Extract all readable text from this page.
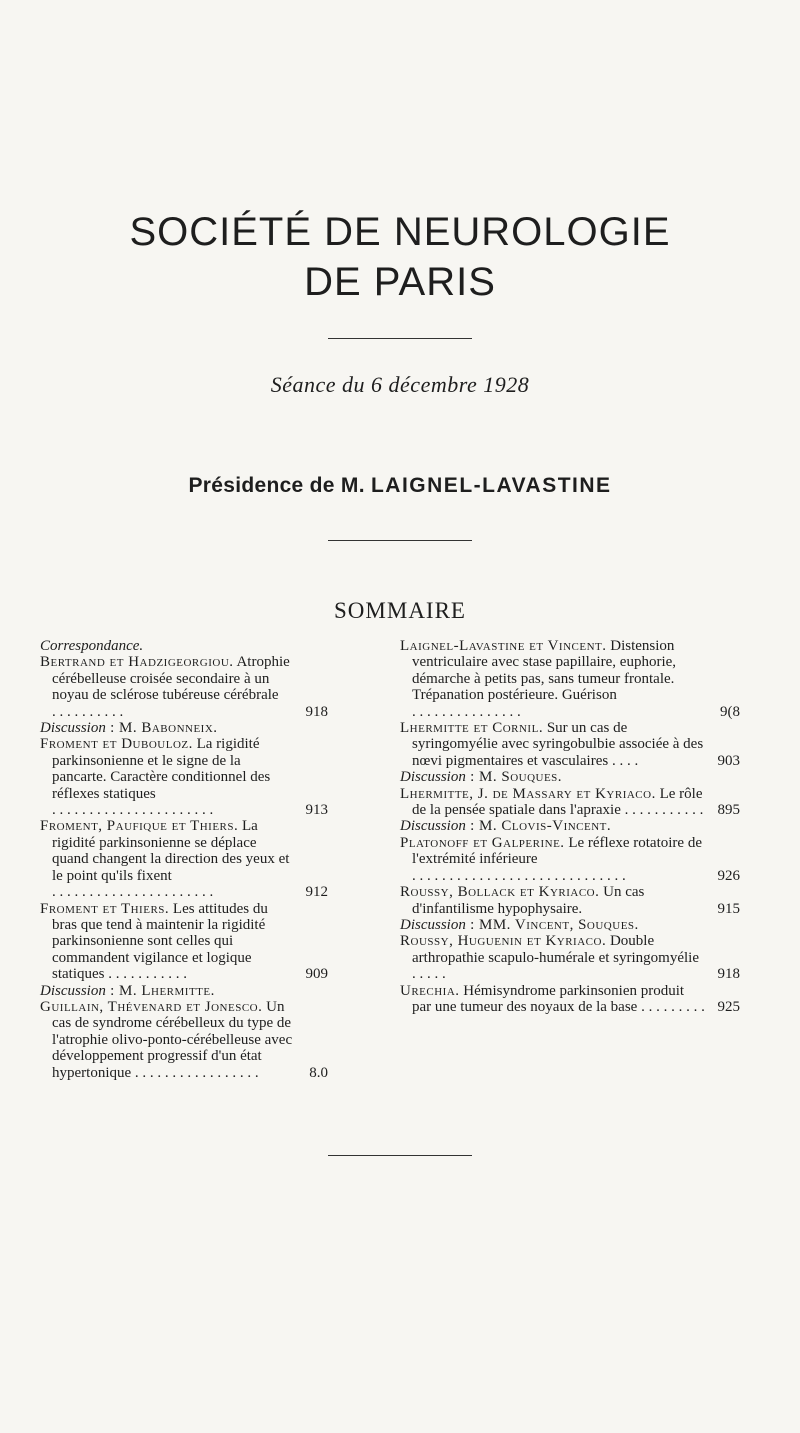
SOCIÉTÉ DE NEUROLOGIE
DE PARIS
Séance du 6 décembre 1928
Présidence de M. LAIGNEL-LAVASTINE
SOMMAIRE
Correspondance.
Bertrand et Hadzigeorgiou. Atrophie cérébelleuse croisée secondaire à un noyau de sclérose tubéreuse cérébrale . . . . . . . . . .	918
Discussion : M. Babonneix.
Froment et Dubouloz. La rigidité parkinsonienne et le signe de la pancarte. Caractère conditionnel des réflexes statiques . . . . . . . . . . . . . . . . . . . . . .	913
Froment, Paufique et Thiers. La rigidité parkinsonienne se déplace quand changent la direction des yeux et le point qu'ils fixent . . . . . . . . . . . . . . . . . . . . . .	912
Froment et Thiers. Les attitudes du bras que tend à maintenir la rigidité parkinsonienne sont celles qui commandent vigilance et logique statiques . . . . . . . . . . .	909
Discussion : M. Lhermitte.
Guillain, Thévenard et Jonesco. Un cas de syndrome cérébelleux du type de l'atrophie olivo-ponto-cérébelleuse avec développement progressif d'un état hypertonique . . . . . . . . . . . . . . . . .	8.0
Laignel-Lavastine et Vincent. Distension ventriculaire avec stase papillaire, euphorie, démarche à petits pas, sans tumeur frontale. Trépanation postérieure. Guérison . . . . . . . . . . . . . . .	9(8
Lhermitte et Cornil. Sur un cas de syringomyélie avec syringobulbie associée à des nœvi pigmentaires et vasculaires . . . .	903
Discussion : M. Souques.
Lhermitte, J. de Massary et Kyriaco. Le rôle de la pensée spatiale dans l'apraxie . . . . . . . . . . . 895
Discussion : M. Clovis-Vincent.
Platonoff et Galperine. Le réflexe rotatoire de l'extrémité inférieure . . . . . . . . . . . . . . . . . . . . . . . . . . . . .	926
Roussy, Bollack et Kyriaco. Un cas d'infantilisme hypophysaire.	915
Discussion : MM. Vincent, Souques.
Roussy, Huguenin et Kyriaco. Double arthropathie scapulo-humérale et syringomyélie . . . . .	918
Urechia. Hémisyndrome parkinsonien produit par une tumeur des noyaux de la base . . . . . . . . . 925
